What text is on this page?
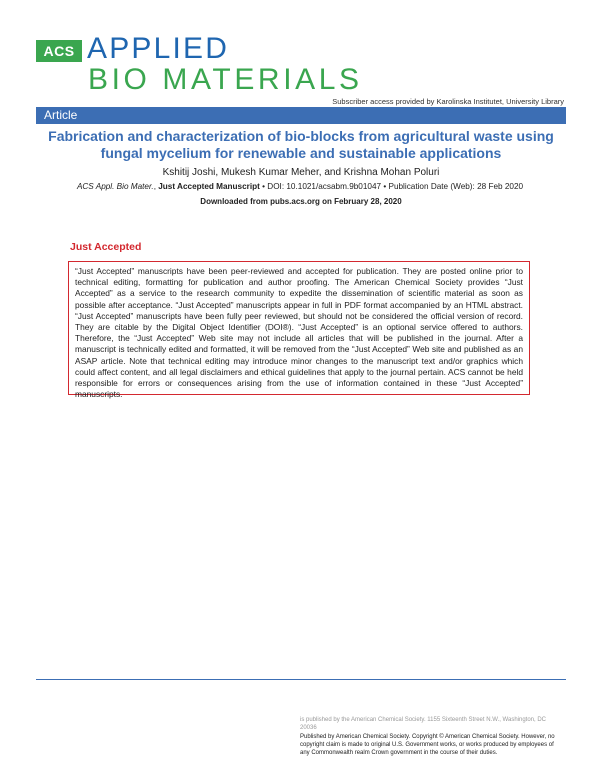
ACS APPLIED
BIO MATERIALS
Subscriber access provided by Karolinska Institutet, University Library
Article
Fabrication and characterization of bio-blocks from agricultural waste using fungal mycelium for renewable and sustainable applications
Kshitij Joshi, Mukesh Kumar Meher, and Krishna Mohan Poluri
ACS Appl. Bio Mater., Just Accepted Manuscript • DOI: 10.1021/acsabm.9b01047 • Publication Date (Web): 28 Feb 2020
Downloaded from pubs.acs.org on February 28, 2020
Just Accepted

“Just Accepted” manuscripts have been peer-reviewed and accepted for publication. They are posted online prior to technical editing, formatting for publication and author proofing. The American Chemical Society provides “Just Accepted” as a service to the research community to expedite the dissemination of scientific material as soon as possible after acceptance. “Just Accepted” manuscripts appear in full in PDF format accompanied by an HTML abstract. “Just Accepted” manuscripts have been fully peer reviewed, but should not be considered the official version of record. They are citable by the Digital Object Identifier (DOI®). “Just Accepted” is an optional service offered to authors. Therefore, the “Just Accepted” Web site may not include all articles that will be published in the journal. After a manuscript is technically edited and formatted, it will be removed from the “Just Accepted” Web site and published as an ASAP article. Note that technical editing may introduce minor changes to the manuscript text and/or graphics which could affect content, and all legal disclaimers and ethical guidelines that apply to the journal pertain. ACS cannot be held responsible for errors or consequences arising from the use of information contained in these “Just Accepted” manuscripts.

is published by the American Chemical Society. 1155 Sixteenth Street N.W., Washington, DC 20036
Published by American Chemical Society. Copyright © American Chemical Society. However, no copyright claim is made to original U.S. Government works, or works produced by employees of any Commonwealth realm Crown government in the course of their duties.
